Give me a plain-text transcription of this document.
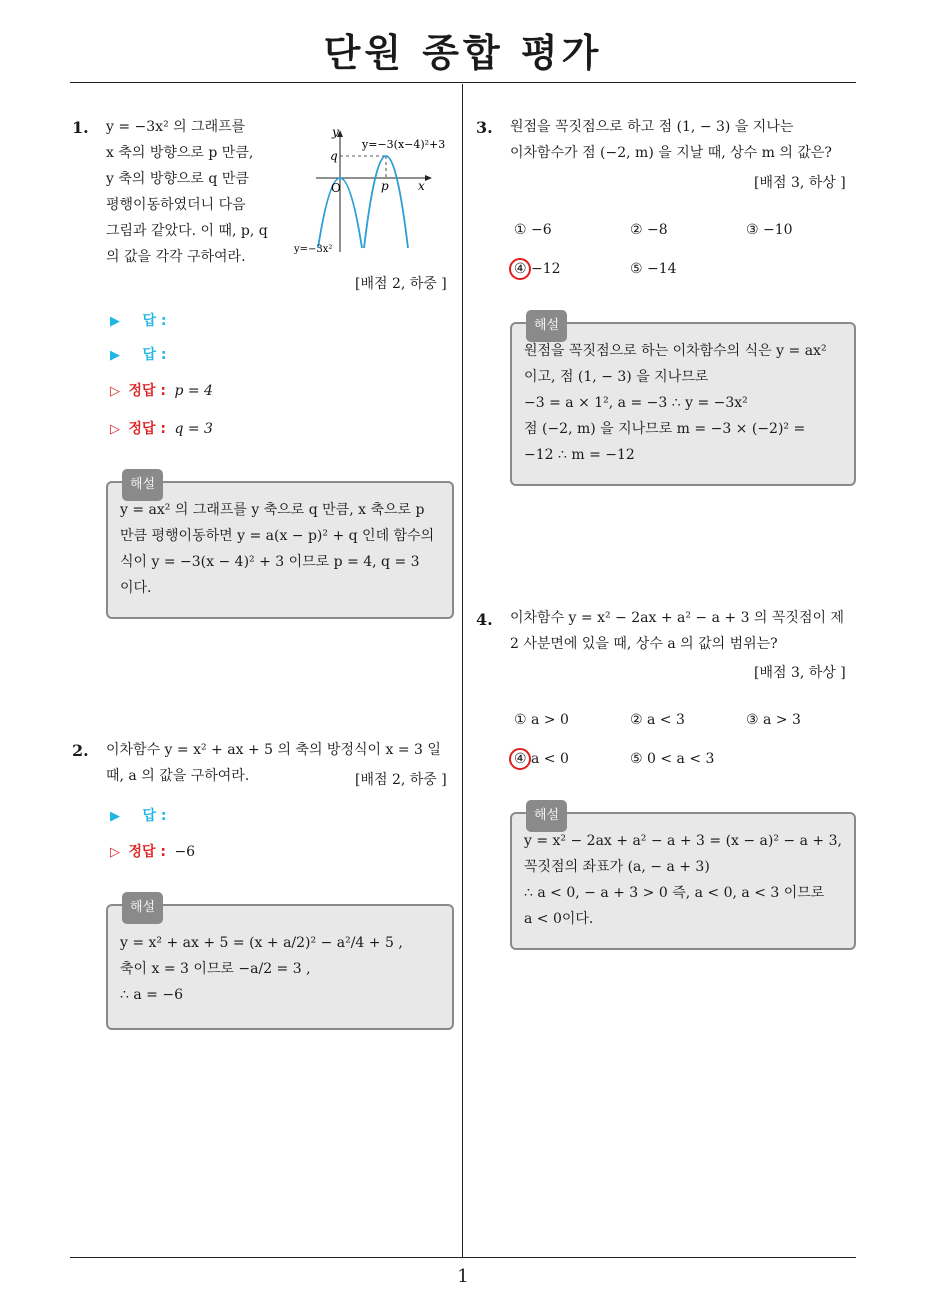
단원 종합 평가
1
1. y = −3x² 의 그래프를
x 축의 방향으로 p 만큼,
y 축의 방향으로 q 만큼
평행이동하였더니 다음
그림과 같았다. 이 때, p, q
의 값을 각각 구하여라.
y
x
q
p
O
y=−3(x−4)²+3
y=−3x²
[배점 2, 하중 ]
▶ 답 :
▶ 답 :
▷ 정답 : p = 4
▷ 정답 : q = 3
해설
y = ax² 의 그래프를 y 축으로 q 만큼, x 축으로 p
만큼 평행이동하면 y = a(x − p)² + q 인데 함수의
식이 y = −3(x − 4)² + 3 이므로 p = 4, q = 3
이다.
2. 이차함수 y = x² + ax + 5 의 축의 방정식이 x = 3 일
때, a 의 값을 구하여라.	[배점 2, 하중 ]
▶ 답 :
▷ 정답 : −6
해설
y = x² + ax + 5 = (x + a/2)² − a²/4 + 5 ,
축이 x = 3 이므로 −a/2 = 3 ,
∴ a = −6
3. 원점을 꼭짓점으로 하고 점 (1, − 3) 을 지나는
이차함수가 점 (−2, m) 을 지날 때, 상수 m 의 값은?
[배점 3, 하상 ]
① −6	② −8	③ −10
④ −12	⑤ −14
해설
원점을 꼭짓점으로 하는 이차함수의 식은 y = ax²
이고, 점 (1, − 3) 을 지나므로
−3 = a × 1², a = −3 ∴ y = −3x²
점 (−2, m) 을 지나므로 m = −3 × (−2)² =
−12 ∴ m = −12
4. 이차함수 y = x² − 2ax + a² − a + 3 의 꼭짓점이 제
2 사분면에 있을 때, 상수 a 의 값의 범위는?
[배점 3, 하상 ]
① a > 0	② a < 3	③ a > 3
④ a < 0	⑤ 0 < a < 3
해설
y = x² − 2ax + a² − a + 3 = (x − a)² − a + 3,
꼭짓점의 좌표가 (a, − a + 3)
∴ a < 0, − a + 3 > 0 즉, a < 0, a < 3 이므로
a < 0이다.
